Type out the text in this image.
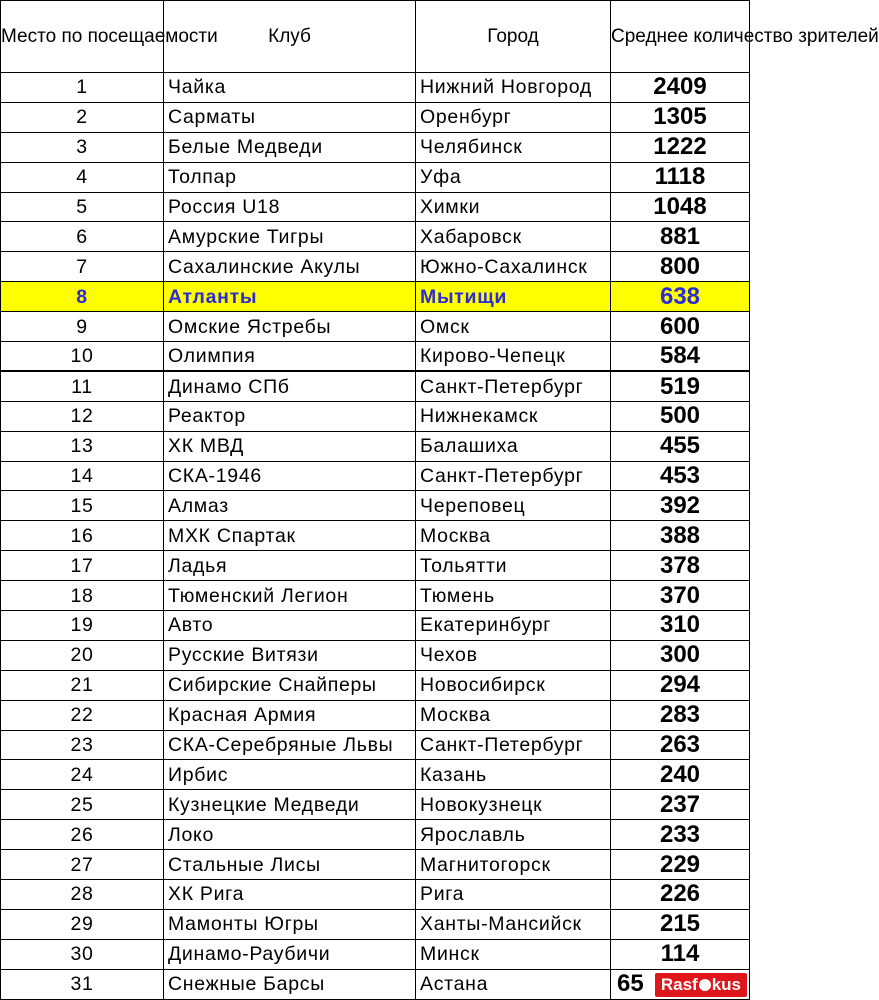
Место по посещаемости	Клуб	Город	Среднее количество зрителей
1	Чайка	Нижний Новгород	2409
2	Сарматы	Оренбург	1305
3	Белые Медведи	Челябинск	1222
4	Толпар	Уфа	1118
5	Россия U18	Химки	1048
6	Амурские Тигры	Хабаровск	881
7	Сахалинские Акулы	Южно-Сахалинск	800
8	Атланты	Мытищи	638
9	Омские Ястребы	Омск	600
10	Олимпия	Кирово-Чепецк	584
11	Динамо СПб	Санкт-Петербург	519
12	Реактор	Нижнекамск	500
13	ХК МВД	Балашиха	455
14	СКА-1946	Санкт-Петербург	453
15	Алмаз	Череповец	392
16	МХК Спартак	Москва	388
17	Ладья	Тольятти	378
18	Тюменский Легион	Тюмень	370
19	Авто	Екатеринбург	310
20	Русские Витязи	Чехов	300
21	Сибирские Снайперы	Новосибирск	294
22	Красная Армия	Москва	283
23	СКА-Серебряные Львы	Санкт-Петербург	263
24	Ирбис	Казань	240
25	Кузнецкие Медведи	Новокузнецк	237
26	Локо	Ярославль	233
27	Стальные Лисы	Магнитогорск	229
28	ХК Рига	Рига	226
29	Мамонты Югры	Ханты-Мансийск	215
30	Динамо-Раубичи	Минск	114
31	Снежные Барсы	Астана	65	Rasf kus
